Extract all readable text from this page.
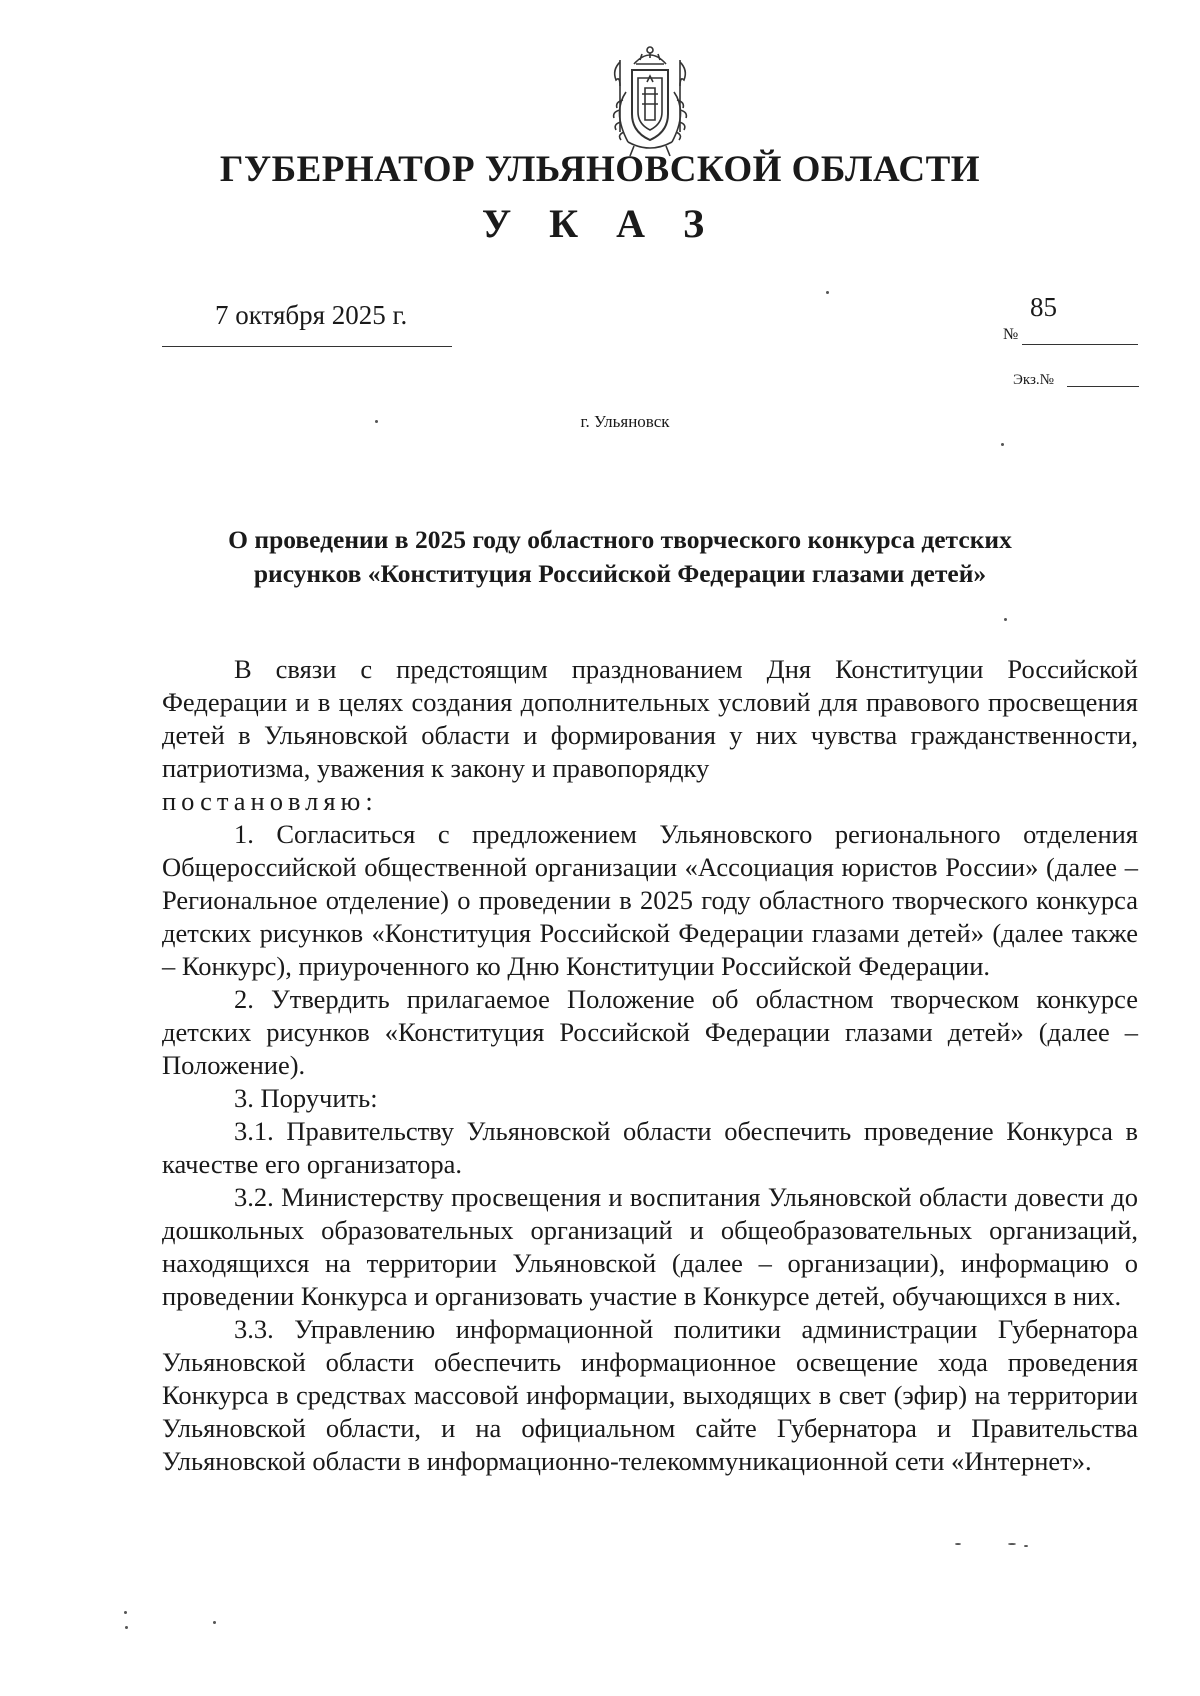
ГУБЕРНАТОР УЛЬЯНОВСКОЙ ОБЛАСТИ
У К А З
7 октября 2025 г.	85
№
Экз.№
г. Ульяновск
О проведении в 2025 году областного творческого конкурса детских
рисунков «Конституция Российской Федерации глазами детей»

В связи с предстоящим празднованием Дня Конституции Российской Федерации и в целях создания дополнительных условий для правового просвещения детей в Ульяновской области и формирования у них чувства гражданственности, патриотизма, уважения к закону и правопорядку

постановляю:

1. Согласиться с предложением Ульяновского регионального отделения Общероссийской общественной организации «Ассоциация юристов России» (далее – Региональное отделение) о проведении в 2025 году областного творческого конкурса детских рисунков «Конституция Российской Федерации глазами детей» (далее также – Конкурс), приуроченного ко Дню Конституции Российской Федерации.

2. Утвердить прилагаемое Положение об областном творческом конкурсе детских рисунков «Конституция Российской Федерации глазами детей» (далее – Положение).

3. Поручить:

3.1. Правительству Ульяновской области обеспечить проведение Конкурса в качестве его организатора.

3.2. Министерству просвещения и воспитания Ульяновской области довести до дошкольных образовательных организаций и общеобразовательных организаций, находящихся на территории Ульяновской (далее – организации), информацию о проведении Конкурса и организовать участие в Конкурсе детей, обучающихся в них.

3.3. Управлению информационной политики администрации Губернатора Ульяновской области обеспечить информационное освещение хода проведения Конкурса в средствах массовой информации, выходящих в свет (эфир) на территории Ульяновской области, и на официальном сайте Губернатора и Правительства Ульяновской области в информационно-телекоммуникационной сети «Интернет».
